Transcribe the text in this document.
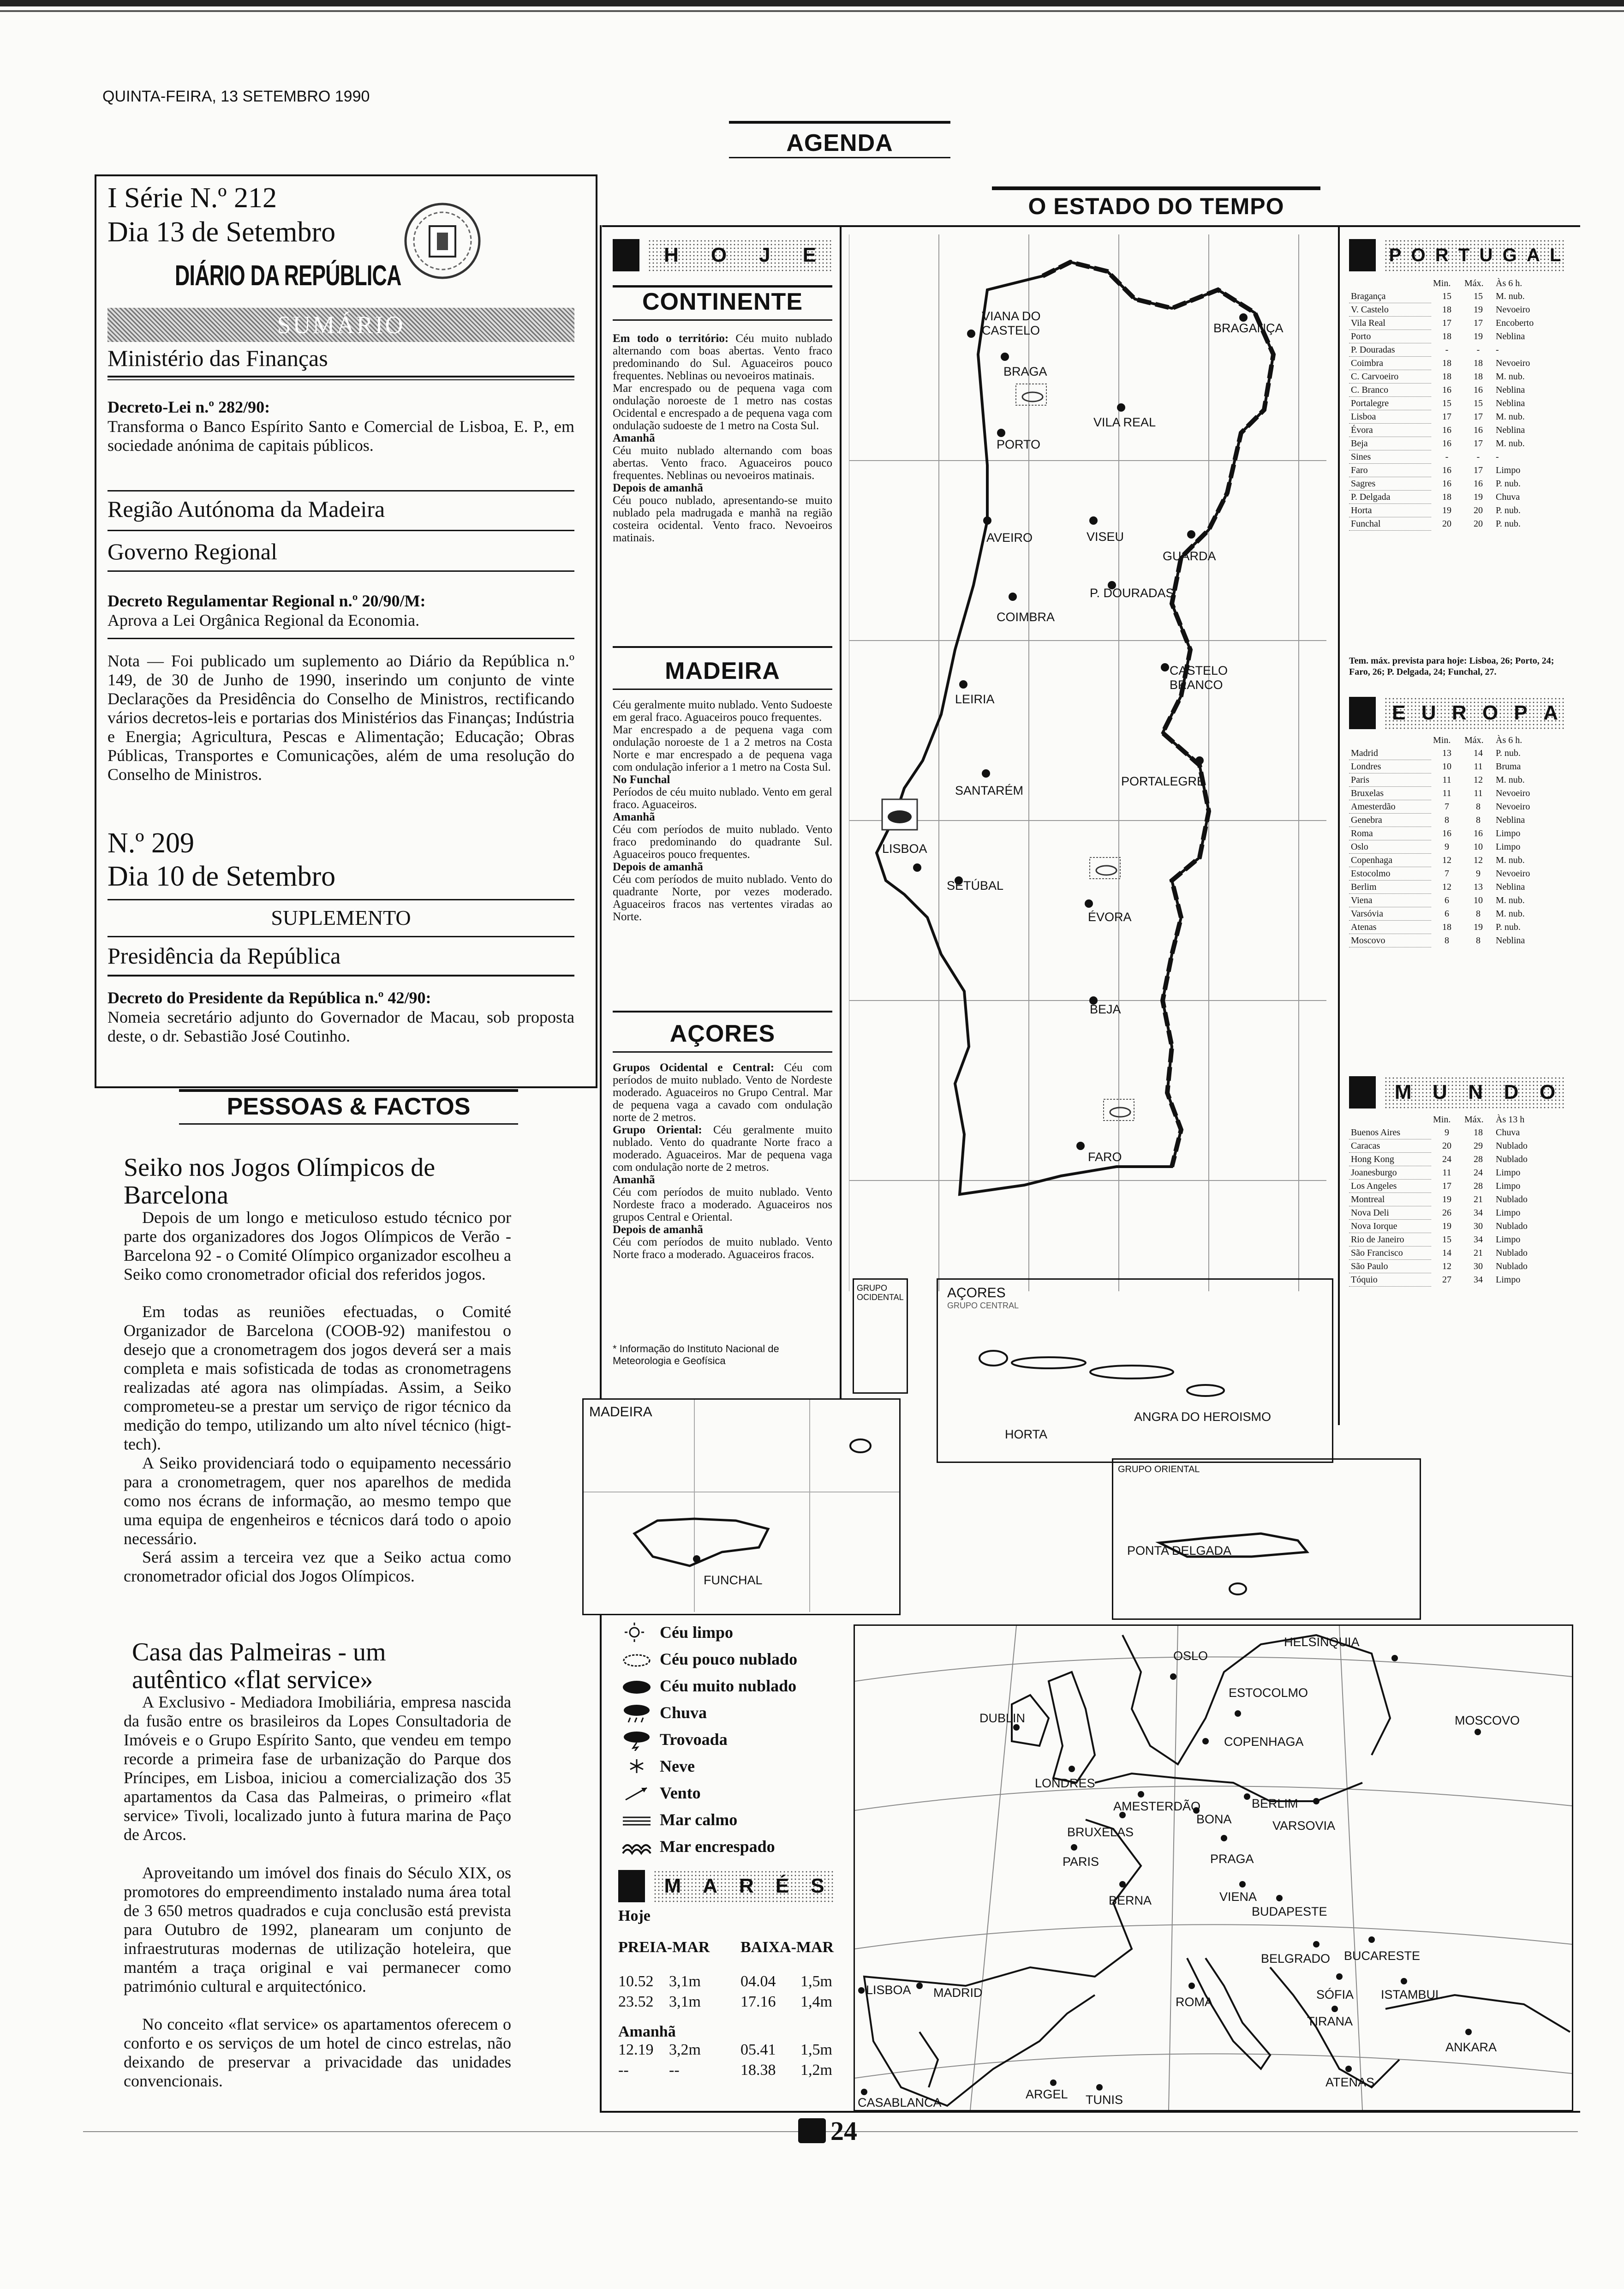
QUINTA-FEIRA, 13 SETEMBRO 1990
AGENDA
I Série N.º 212
Dia 13 de Setembro
DIÁRIO DA REPÚBLICA
SUMÁRIO
Ministério das Finanças
Decreto-Lei n.º 282/90:
Transforma o Banco Espírito Santo e Comercial de Lisboa, E. P., em sociedade anónima de capitais públicos.
Região Autónoma da Madeira
Governo Regional
Decreto Regulamentar Regional n.º 20/90/M:
Aprova a Lei Orgânica Regional da Economia.
Nota — Foi publicado um suplemento ao Diário da República n.º 149, de 30 de Junho de 1990, inserindo um conjunto de vinte Declarações da Presidência do Conselho de Ministros, rectificando vários decretos-leis e portarias dos Ministérios das Finanças; Indústria e Energia; Agricultura, Pescas e Alimentação; Educação; Obras Públicas, Transportes e Comunicações, além de uma resolução do Conselho de Ministros.
N.º 209
Dia 10 de Setembro
SUPLEMENTO
Presidência da República
Decreto do Presidente da República n.º 42/90:
Nomeia secretário adjunto do Governador de Macau, sob proposta deste, o dr. Sebastião José Coutinho.
PESSOAS & FACTOS
Seiko nos Jogos Olímpicos de Barcelona
Depois de um longo e meticuloso estudo técnico por parte dos organizadores dos Jogos Olímpicos de Verão - Barcelona 92 - o Comité Olímpico organizador escolheu a Seiko como cronometrador oficial dos referidos jogos.
Em todas as reuniões efectuadas, o Comité Organizador de Barcelona (COOB-92) manifestou o desejo que a cronometragem dos jogos deverá ser a mais completa e mais sofisticada de todas as cronometragens realizadas até agora nas olimpíadas. Assim, a Seiko comprometeu-se a prestar um serviço de rigor técnico da medição do tempo, utilizando um alto nível técnico (higt-tech).
A Seiko providenciará todo o equipamento necessário para a cronometragem, quer nos aparelhos de medida como nos écrans de informação, ao mesmo tempo que uma equipa de engenheiros e técnicos dará todo o apoio necessário.
Será assim a terceira vez que a Seiko actua como cronometrador oficial dos Jogos Olímpicos.
Casa das Palmeiras - um autêntico «flat service»
A Exclusivo - Mediadora Imobiliária, empresa nascida da fusão entre os brasileiros da Lopes Consultadoria de Imóveis e o Grupo Espírito Santo, que vendeu em tempo recorde a primeira fase de urbanização do Parque dos Príncipes, em Lisboa, iniciou a comercialização dos 35 apartamentos da Casa das Palmeiras, o primeiro «flat service» Tivoli, localizado junto à futura marina de Paço de Arcos.
Aproveitando um imóvel dos finais do Século XIX, os promotores do empreendimento instalado numa área total de 3 650 metros quadrados e cuja conclusão está prevista para Outubro de 1992, planearam um conjunto de infraestruturas modernas de utilização hoteleira, que mantém a traça original e vai permanecer como património cultural e arquitectónico.
No conceito «flat service» os apartamentos oferecem o conforto e os serviços de um hotel de cinco estrelas, não deixando de preservar a privacidade das unidades convencionais.
O ESTADO DO TEMPO
H O J E
CONTINENTE
Em todo o território: Céu muito nublado alternando com boas abertas. Vento fraco predominando do Sul. Aguaceiros pouco frequentes. Neblinas ou nevoeiros matinais.
Mar encrespado ou de pequena vaga com ondulação noroeste de 1 metro nas costas Ocidental e encrespado a de pequena vaga com ondulação sudoeste de 1 metro na Costa Sul.
Amanhã
Céu muito nublado alternando com boas abertas. Vento fraco. Aguaceiros pouco frequentes. Neblinas ou nevoeiros matinais.
Depois de amanhã
Céu pouco nublado, apresentando-se muito nublado pela madrugada e manhã na região costeira ocidental. Vento fraco. Nevoeiros matinais.
MADEIRA
Céu geralmente muito nublado. Vento Sudoeste em geral fraco. Aguaceiros pouco frequentes.
Mar encrespado a de pequena vaga com ondulação noroeste de 1 a 2 metros na Costa Norte e mar encrespado a de pequena vaga com ondulação inferior a 1 metro na Costa Sul.
No Funchal
Períodos de céu muito nublado. Vento em geral fraco. Aguaceiros.
Amanhã
Céu com períodos de muito nublado. Vento fraco predominando do quadrante Sul. Aguaceiros pouco frequentes.
Depois de amanhã
Céu com períodos de muito nublado. Vento do quadrante Norte, por vezes moderado. Aguaceiros fracos nas vertentes viradas ao Norte.
AÇORES
Grupos Ocidental e Central: Céu com períodos de muito nublado. Vento de Nordeste moderado. Aguaceiros no Grupo Central. Mar de pequena vaga a cavado com ondulação norte de 2 metros.
Grupo Oriental: Céu geralmente muito nublado. Vento do quadrante Norte fraco a moderado. Aguaceiros. Mar de pequena vaga com ondulação norte de 2 metros.
Amanhã
Céu com períodos de muito nublado. Vento Nordeste fraco a moderado. Aguaceiros nos grupos Central e Oriental.
Depois de amanhã
Céu com períodos de muito nublado. Vento Norte fraco a moderado. Aguaceiros fracos.
* Informação do Instituto Nacional de Meteorologia e Geofísica
VIANA DO CASTELO
BRAGA
PORTO
BRAGANÇA
VILA REAL
AVEIRO	VISEU
GUARDA
P. DOURADAS
COIMBRA
CASTELO BRANCO
LEIRIA
SANTARÉM
PORTALEGRE
LISBOA
SETÚBAL
ÉVORA
BEJA
FARO
GRUPO OCIDENTAL	AÇORES
GRUPO CENTRAL
HORTA
ANGRA DO HEROISMO
MADEIRA
FUNCHAL
GRUPO ORIENTAL
PONTA DELGADA
Céu limpo
Céu pouco nublado
Céu muito nublado
Chuva
Trovoada
Neve
Vento
Mar calmo
Mar encrespado
M A R É S
Hoje
PREIA-MAR	BAIXA-MAR
10.52 3,1m	04.04	1,5m
23.52 3,1m	17.16	1,4m
Amanhã
12.19 3,2m	05.41	1,5m
--	--	18.38	1,2m
HELSÍNQUIA
OSLO
ESTOCOLMO
DUBLIN
COPENHAGA
MOSCOVO
LONDRES
AMESTERDÃO
BONA
BERLIM
VARSOVIA
BRUXELAS
PARIS	PRAGA
BERNA	VIENA
BUDAPESTE
BELGRADO BUCARESTE
LISBOA MADRID
ROMA
SÓFIA ISTAMBUL
TIRANA
ANKARA
ATENAS
ARGEL TUNIS
CASABLANCA
P O R T U G A L
	Min.	Máx.	Às 6 h.
Bragança	15	15	M. nub.
V. Castelo	18	19	Nevoeiro
Vila Real	17	17	Encoberto
Porto	18	19	Neblina
P. Douradas	-	-	-
Coimbra	18	18	Nevoeiro
C. Carvoeiro	18	18	M. nub.
C. Branco	16	16	Neblina
Portalegre	15	15	Neblina
Lisboa	17	17	M. nub.
Évora	16	16	Neblina
Beja	16	17	M. nub.
Sines	-	-	-
Faro	16	17	Limpo
Sagres	16	16	P. nub.
P. Delgada	18	19	Chuva
Horta	19	20	P. nub.
Funchal	20	20	P. nub.
Tem. máx. prevista para hoje: Lisboa, 26; Porto, 24; Faro, 26; P. Delgada, 24; Funchal, 27.
E U R O P A
	Min.	Máx.	Às 6 h.
Madrid	13	14	P. nub.
Londres	10	11	Bruma
Paris	11	12	M. nub.
Bruxelas	11	11	Nevoeiro
Amesterdão	7	8	Nevoeiro
Genebra	8	8	Neblina
Roma	16	16	Limpo
Oslo	9	10	Limpo
Copenhaga	12	12	M. nub.
Estocolmo	7	9	Nevoeiro
Berlim	12	13	Neblina
Viena	6	10	M. nub.
Varsóvia	6	8	M. nub.
Atenas	18	19	P. nub.
Moscovo	8	8	Neblina
M U N D O
	Min.	Máx.	Às 13 h
Buenos Aires	9	18	Chuva
Caracas	20	29	Nublado
Hong Kong	24	28	Nublado
Joanesburgo	11	24	Limpo
Los Angeles	17	28	Limpo
Montreal	19	21	Nublado
Nova Deli	26	34	Limpo
Nova Iorque	19	30	Nublado
Rio de Janeiro	15	34	Limpo
São Francisco	14	21	Nublado
São Paulo	12	30	Nublado
Tóquio	27	34	Limpo
24
